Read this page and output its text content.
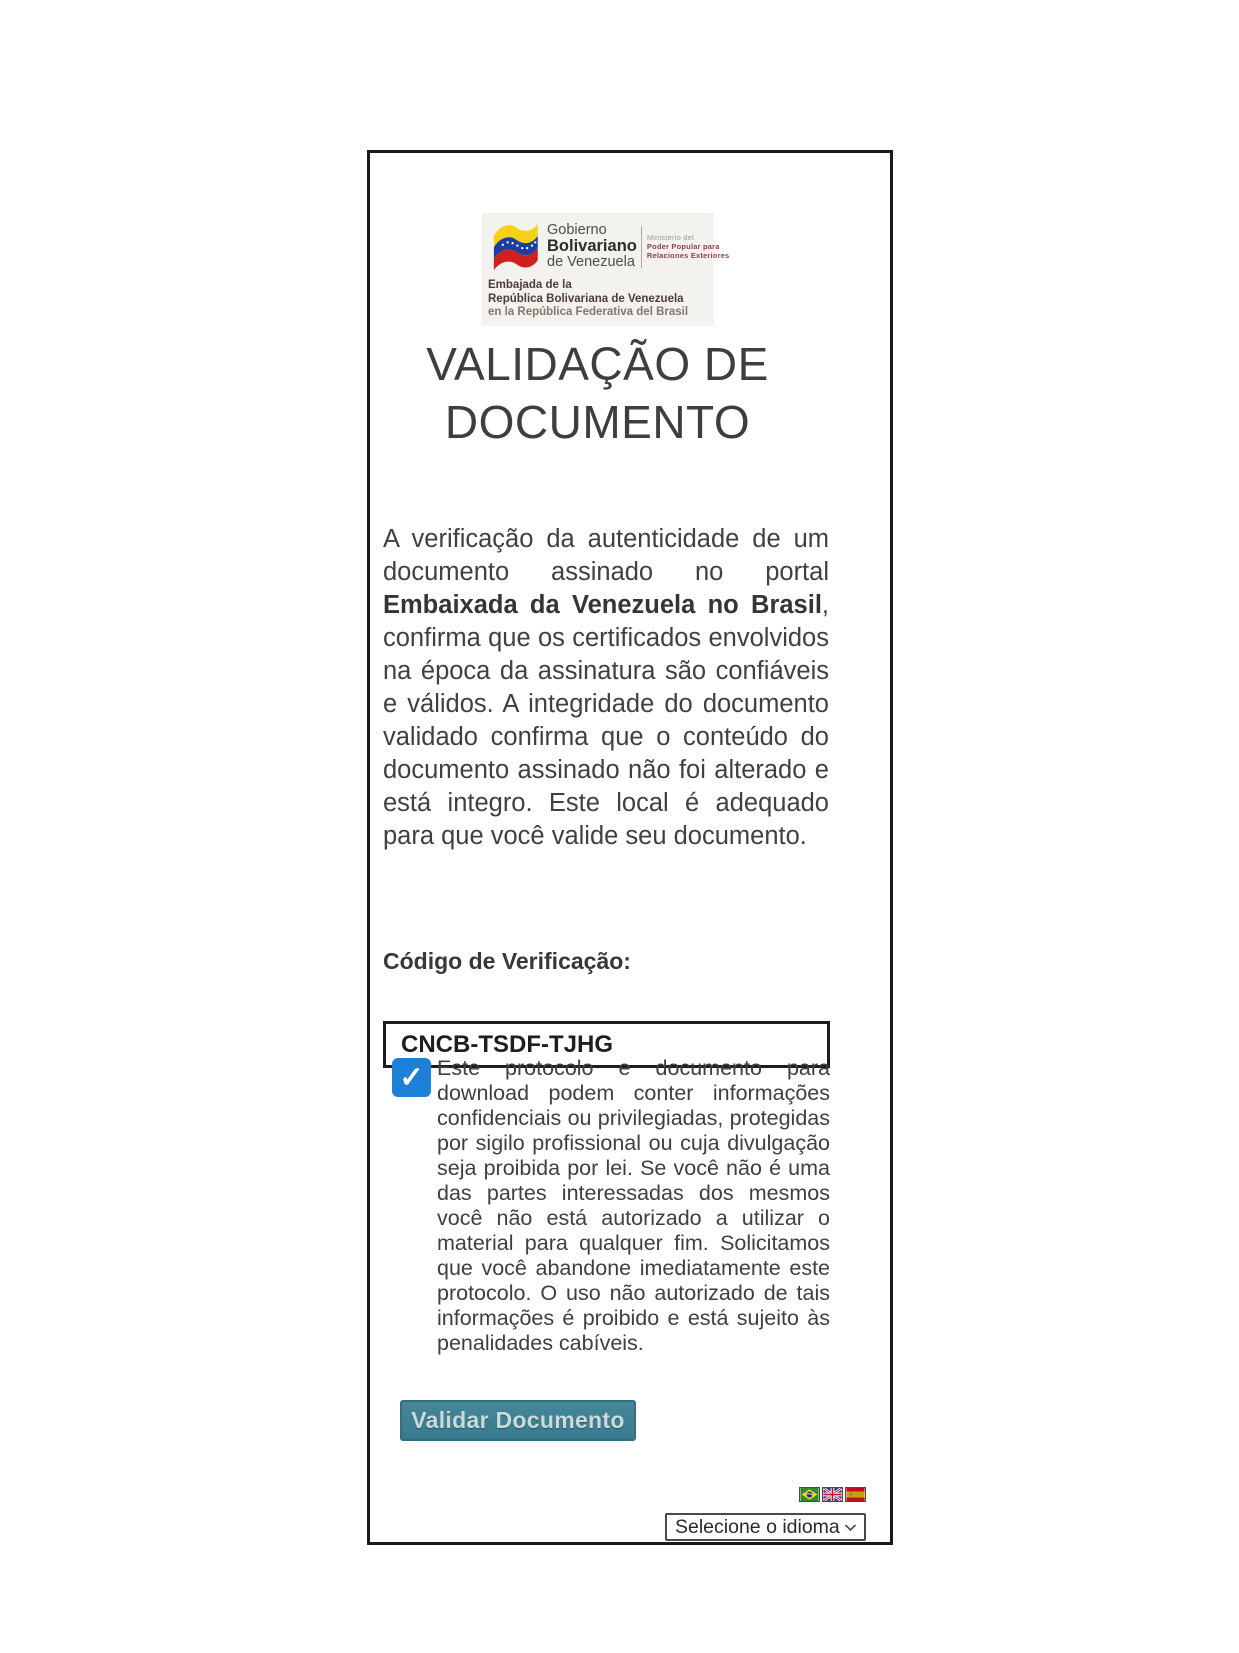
Gobierno
Bolivariano
de Venezuela
Ministerio del
Poder Popular para
Relaciones Exteriores
Embajada de la
República Bolivariana de Venezuela
en la República Federativa del Brasil
VALIDAÇÃO DE
DOCUMENTO

A verificação da autenticidade de um documento assinado no portal Embaixada da Venezuela no Brasil, confirma que os certificados envolvidos na época da assinatura são confiáveis e válidos. A integridade do documento validado confirma que o conteúdo do documento assinado não foi alterado e está integro. Este local é adequado para que você valide seu documento.

Código de Verificação:
CNCB-TSDF-TJHG
✓ Este protocolo e documento para download podem conter informações confidenciais ou privilegiadas, protegidas por sigilo profissional ou cuja divulgação seja proibida por lei. Se você não é uma das partes interessadas dos mesmos você não está autorizado a utilizar o material para qualquer fim. Solicitamos que você abandone imediatamente este protocolo. O uso não autorizado de tais informações é proibido e está sujeito às penalidades cabíveis.
Validar Documento
Selecione o idioma
